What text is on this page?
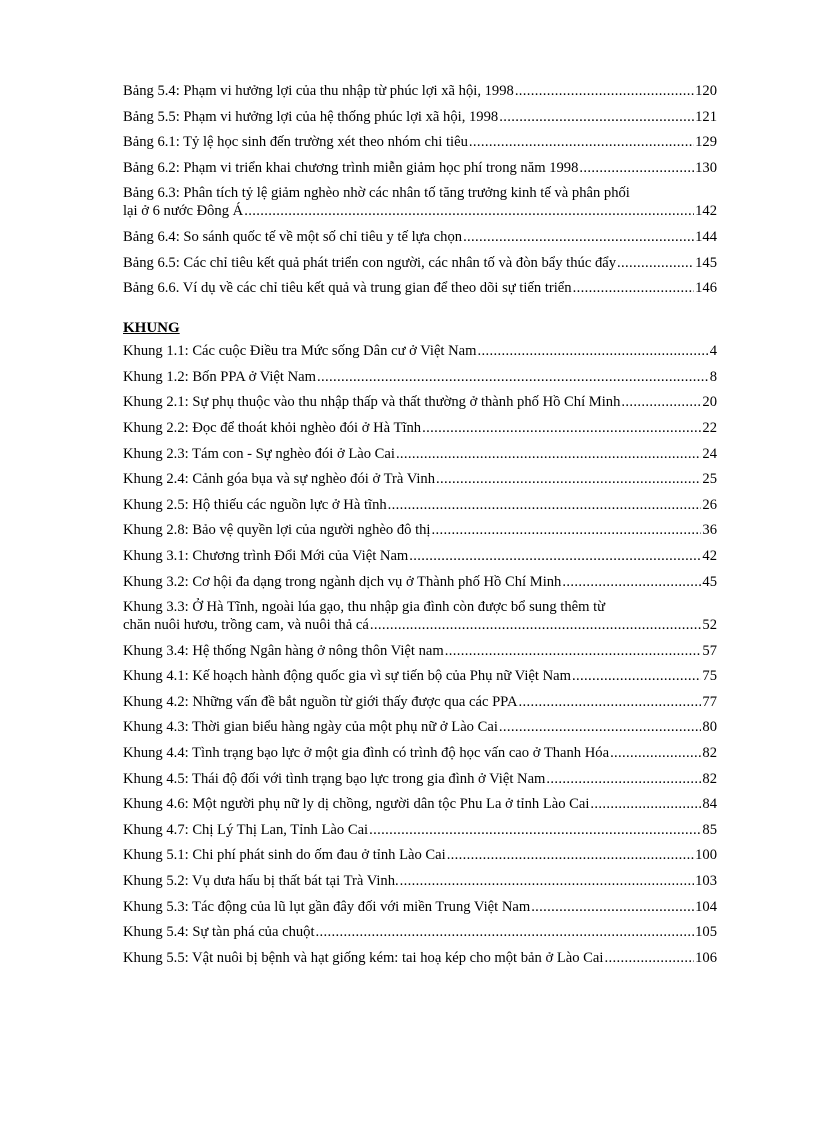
Bảng 5.4: Phạm vi hưởng lợi của thu nhập từ phúc lợi xã hội, 1998 .....	120
Bảng 5.5: Phạm vi hưởng lợi của hệ thống phúc lợi xã hội, 1998 .....	121
Bảng 6.1: Tỷ lệ học sinh đến trường xét theo nhóm chi tiêu .....	129
Bảng 6.2: Phạm vi triển khai chương trình miễn giảm học phí trong năm 1998 .....	130
Bảng 6.3: Phân tích tỷ lệ giảm nghèo nhờ các nhân tố tăng trưởng kinh tế và phân phối
lại ở 6 nước Đông Á .....	142
Bảng 6.4: So sánh quốc tế về một số chỉ tiêu y tế lựa chọn .....	144
Bảng 6.5: Các chỉ tiêu kết quả phát triển con người, các nhân tố và đòn bẩy thúc đẩy .....	145
Bảng 6.6. Ví dụ về các chỉ tiêu kết quả và trung gian để theo dõi sự tiến triển .....	146
KHUNG
Khung 1.1: Các cuộc Điều tra Mức sống Dân cư ở Việt Nam .....	4
Khung 1.2: Bốn PPA ở Việt Nam .....	8
Khung 2.1: Sự phụ thuộc vào thu nhập thấp và thất thường ở thành phố Hồ Chí Minh .....	20
Khung 2.2: Đọc để thoát khỏi nghèo đói ở Hà Tĩnh .....	22
Khung 2.3: Tám con - Sự nghèo đói ở Lào Cai .....	24
Khung 2.4: Cảnh góa bụa và sự nghèo đói ở Trà Vinh .....	25
Khung 2.5: Hộ thiếu các nguồn lực ở Hà tĩnh .....	26
Khung 2.8: Bảo vệ quyền lợi của người nghèo đô thị .....	36
Khung 3.1: Chương trình Đổi Mới của Việt Nam .....	42
Khung 3.2: Cơ hội đa dạng trong ngành dịch vụ ở Thành phố Hồ Chí Minh .....	45
Khung 3.3: Ở Hà Tĩnh, ngoài lúa gạo, thu nhập gia đình còn được bổ sung thêm từ
chăn nuôi hươu, trồng cam, và nuôi thả cá .....	52
Khung 3.4: Hệ thống Ngân hàng ở nông thôn Việt nam .....	57
Khung 4.1: Kế hoạch hành động quốc gia vì sự tiến bộ của Phụ nữ Việt Nam .....	75
Khung 4.2: Những vấn đề bắt nguồn từ giới thấy được qua các PPA .....	77
Khung 4.3: Thời gian biểu hàng ngày của một phụ nữ ở Lào Cai .....	80
Khung 4.4: Tình trạng bạo lực ở một gia đình có trình độ học vấn cao ở Thanh Hóa .....	82
Khung 4.5: Thái độ đối với tình trạng bạo lực trong gia đình ở Việt Nam .....	82
Khung 4.6: Một người phụ nữ ly dị chồng, người dân tộc Phu La ở tỉnh Lào Cai .....	84
Khung 4.7: Chị Lý Thị Lan, Tỉnh Lào Cai .....	85
Khung 5.1: Chi phí phát sinh do ốm đau ở tỉnh Lào Cai .....	100
Khung 5.2: Vụ dưa hấu bị thất bát tại Trà Vinh. .....	103
Khung 5.3: Tác động của lũ lụt gần đây đối với miền Trung Việt Nam .....	104
Khung 5.4: Sự tàn phá của chuột .....	105
Khung 5.5: Vật nuôi bị bệnh và hạt giống kém: tai hoạ kép cho một bản ở Lào Cai .....	106
